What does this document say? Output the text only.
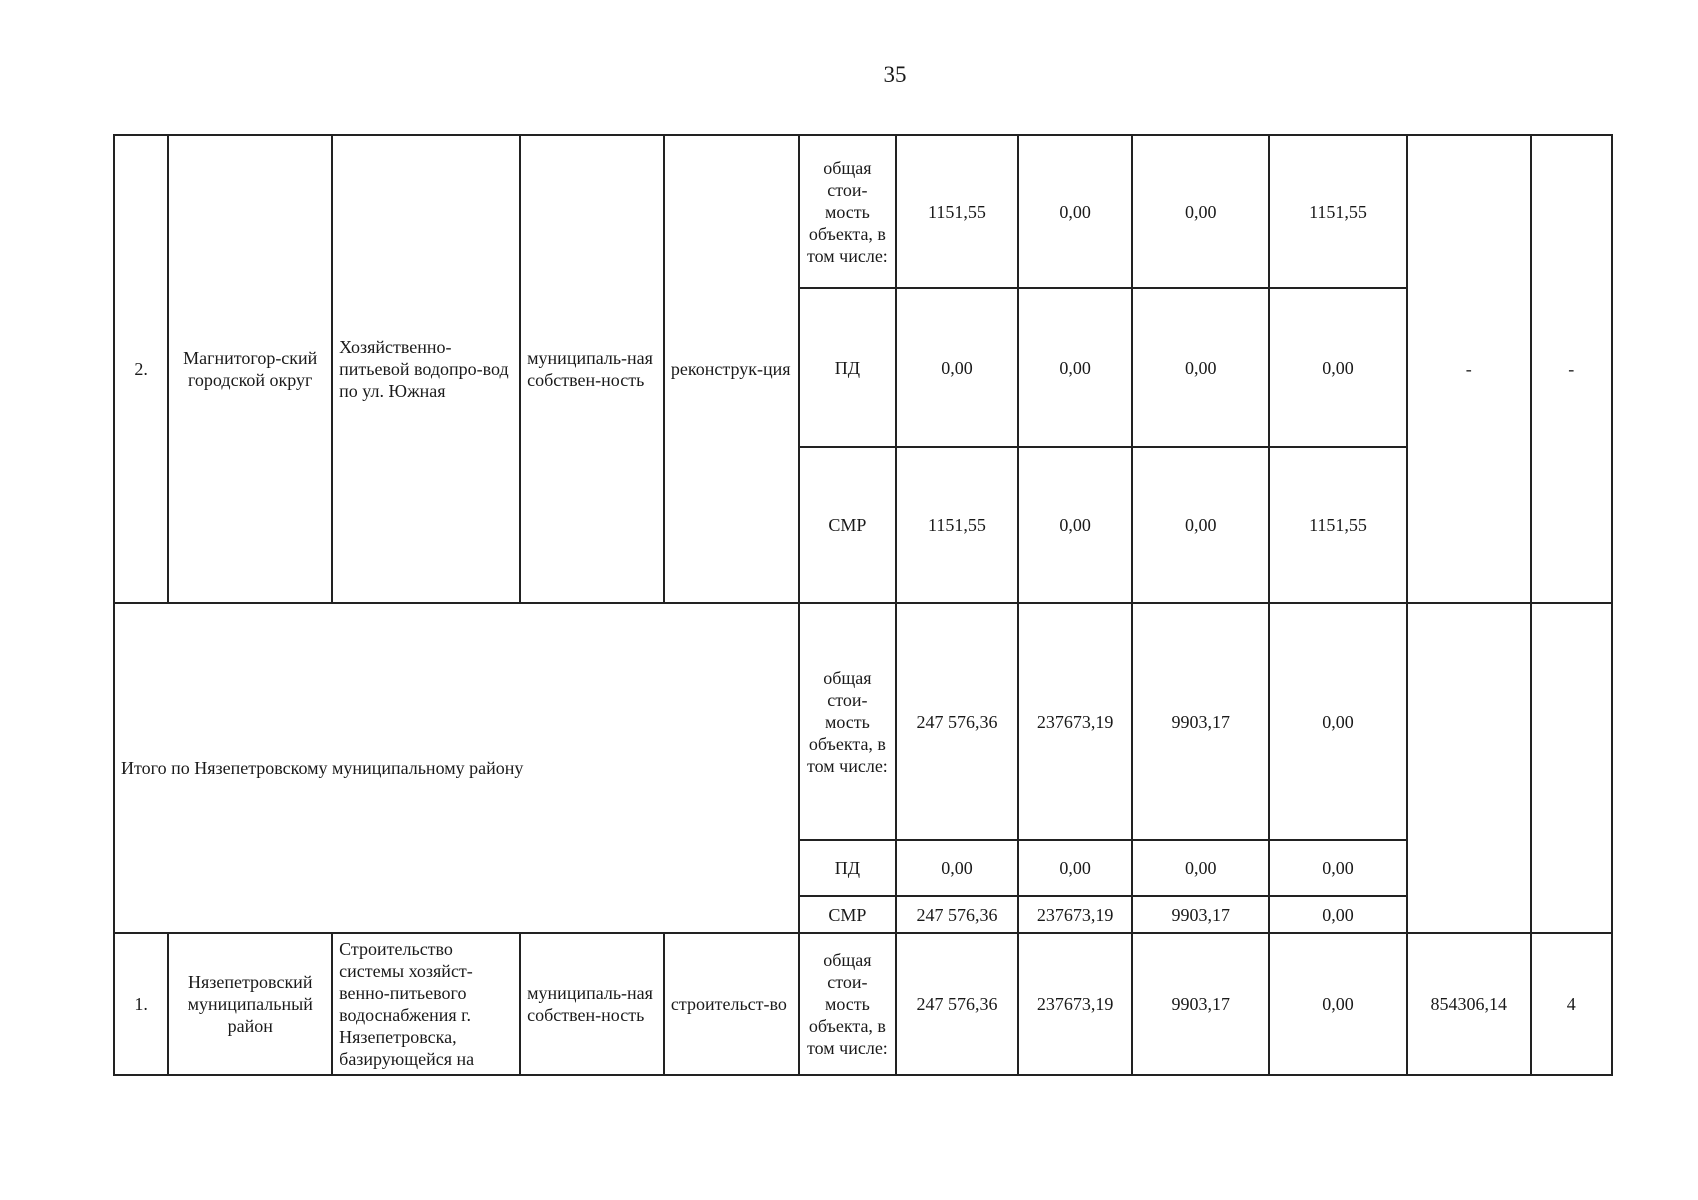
35
2.	Магнитогор-ский городской округ	Хозяйственно-питьевой водопро-вод по ул. Южная	муниципаль-ная собствен-ность	реконструк-ция	общая стои-мость объекта, в том числе:	1151,55	0,00	0,00	1151,55	-	-
					ПД	0,00	0,00	0,00	0,00		
					СМР	1151,55	0,00	0,00	1151,55		
Итого по Нязепетровскому муниципальному району					общая стои-мость объекта, в том числе:	247 576,36	237673,19	9903,17	0,00		
					ПД	0,00	0,00	0,00	0,00		
					СМР	247 576,36	237673,19	9903,17	0,00		
1.	Нязепетровский муниципальный район	Строительство системы хозяйст-венно-питьевого водоснабжения г. Нязепетровска, базирующейся на	муниципаль-ная собствен-ность	строительст-во	общая стои-мость объекта, в том числе:	247 576,36	237673,19	9903,17	0,00	854306,14	4
